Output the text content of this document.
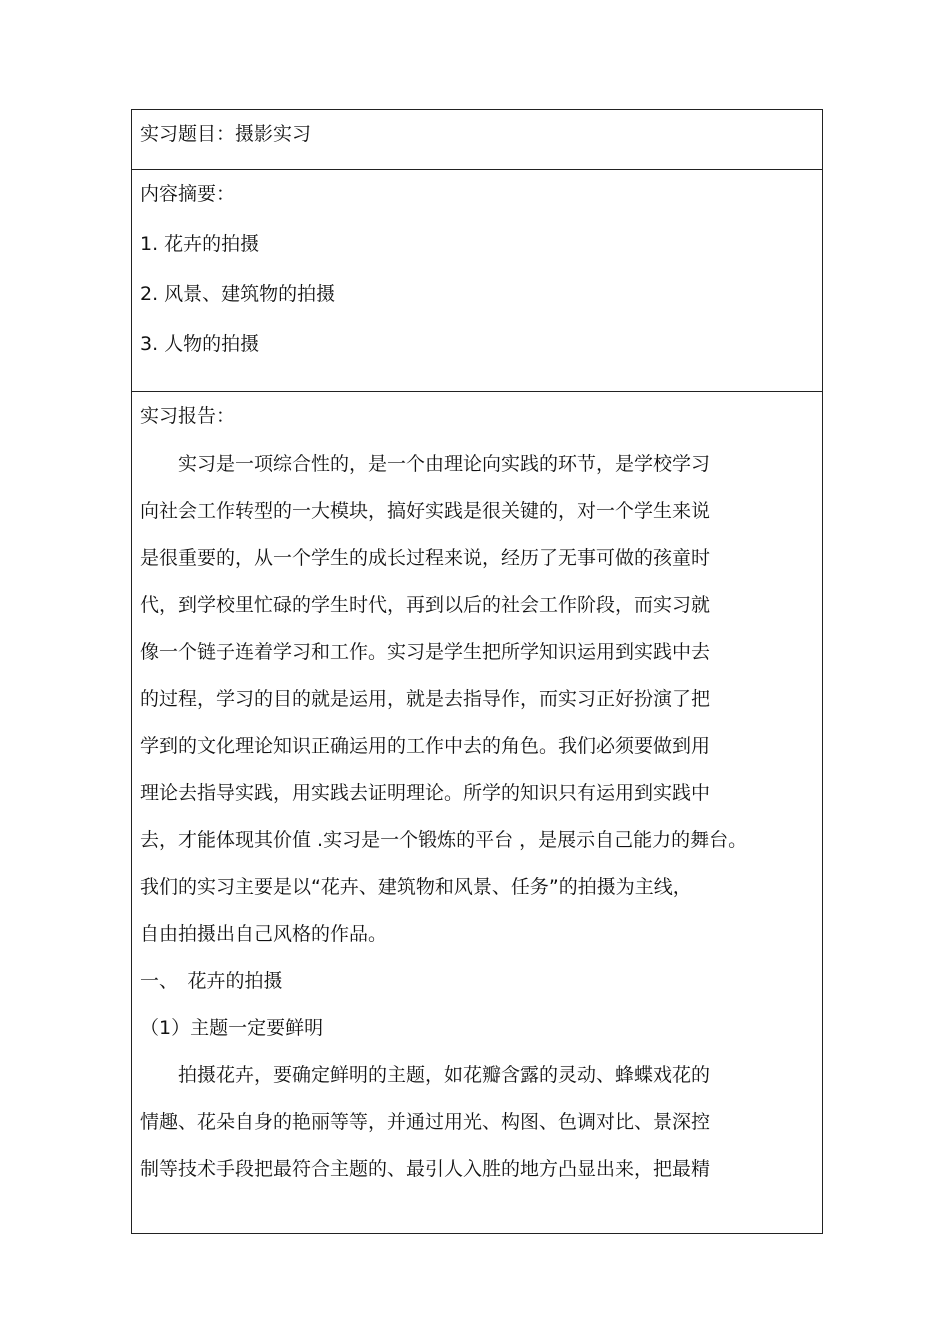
实习题目：摄影实习
内容摘要：
1. 花卉的拍摄
2. 风景、建筑物的拍摄
3. 人物的拍摄
实习报告：
　　实习是一项综合性的，是一个由理论向实践的环节，是学校学习
向社会工作转型的一大模块，搞好实践是很关键的，对一个学生来说
是很重要的，从一个学生的成长过程来说，经历了无事可做的孩童时
代，到学校里忙碌的学生时代，再到以后的社会工作阶段，而实习就
像一个链子连着学习和工作。实习是学生把所学知识运用到实践中去
的过程，学习的目的就是运用，就是去指导作，而实习正好扮演了把
学到的文化理论知识正确运用的工作中去的角色。我们必须要做到用
理论去指导实践，用实践去证明理论。所学的知识只有运用到实践中
去，才能体现其价值 .实习是一个锻炼的平台 ，是展示自己能力的舞台。
我们的实习主要是以“花卉、建筑物和风景、任务”的拍摄为主线，
自由拍摄出自己风格的作品。
一、　花卉的拍摄
（1）主题一定要鲜明
　　拍摄花卉，要确定鲜明的主题，如花瓣含露的灵动、蜂蝶戏花的
情趣、花朵自身的艳丽等等，并通过用光、构图、色调对比、景深控
制等技术手段把最符合主题的、最引人入胜的地方凸显出来，把最精
